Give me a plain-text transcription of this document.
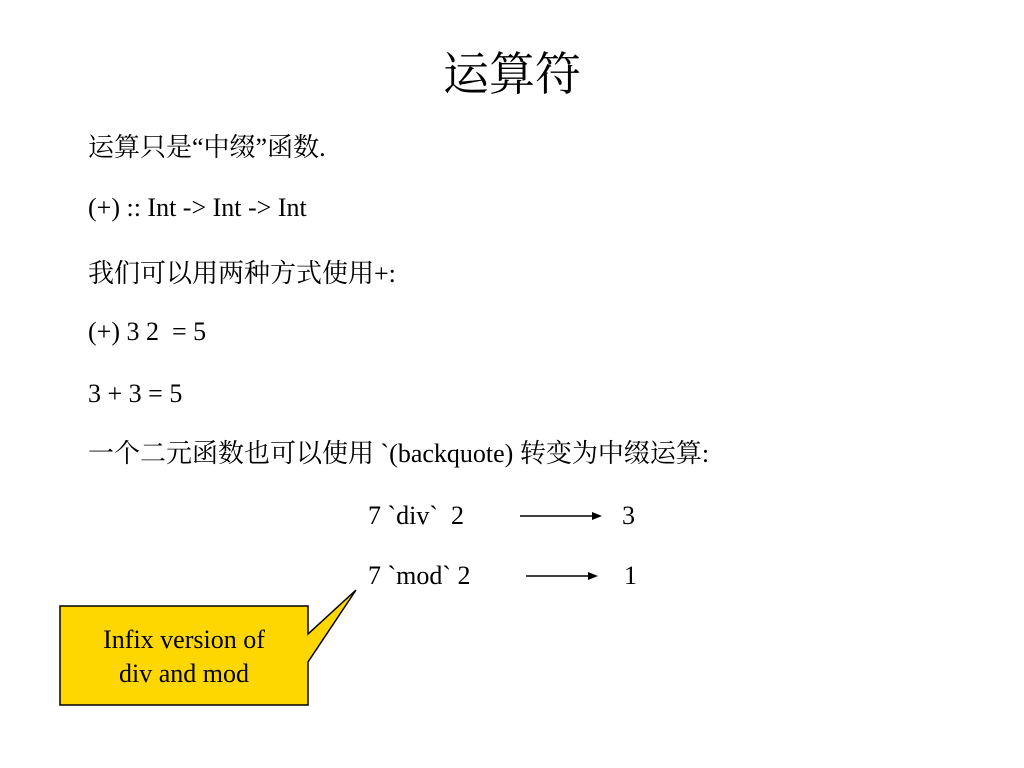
运算符
运算只是“中缀”函数.
(+) :: Int -> Int -> Int
我们可以用两种方式使用+:
(+) 3 2  = 5
3 + 3 = 5
一个二元函数也可以使用 `(backquote) 转变为中缀运算:
7 `div`  2	3
7 `mod` 2	1
Infix version of
div and mod
